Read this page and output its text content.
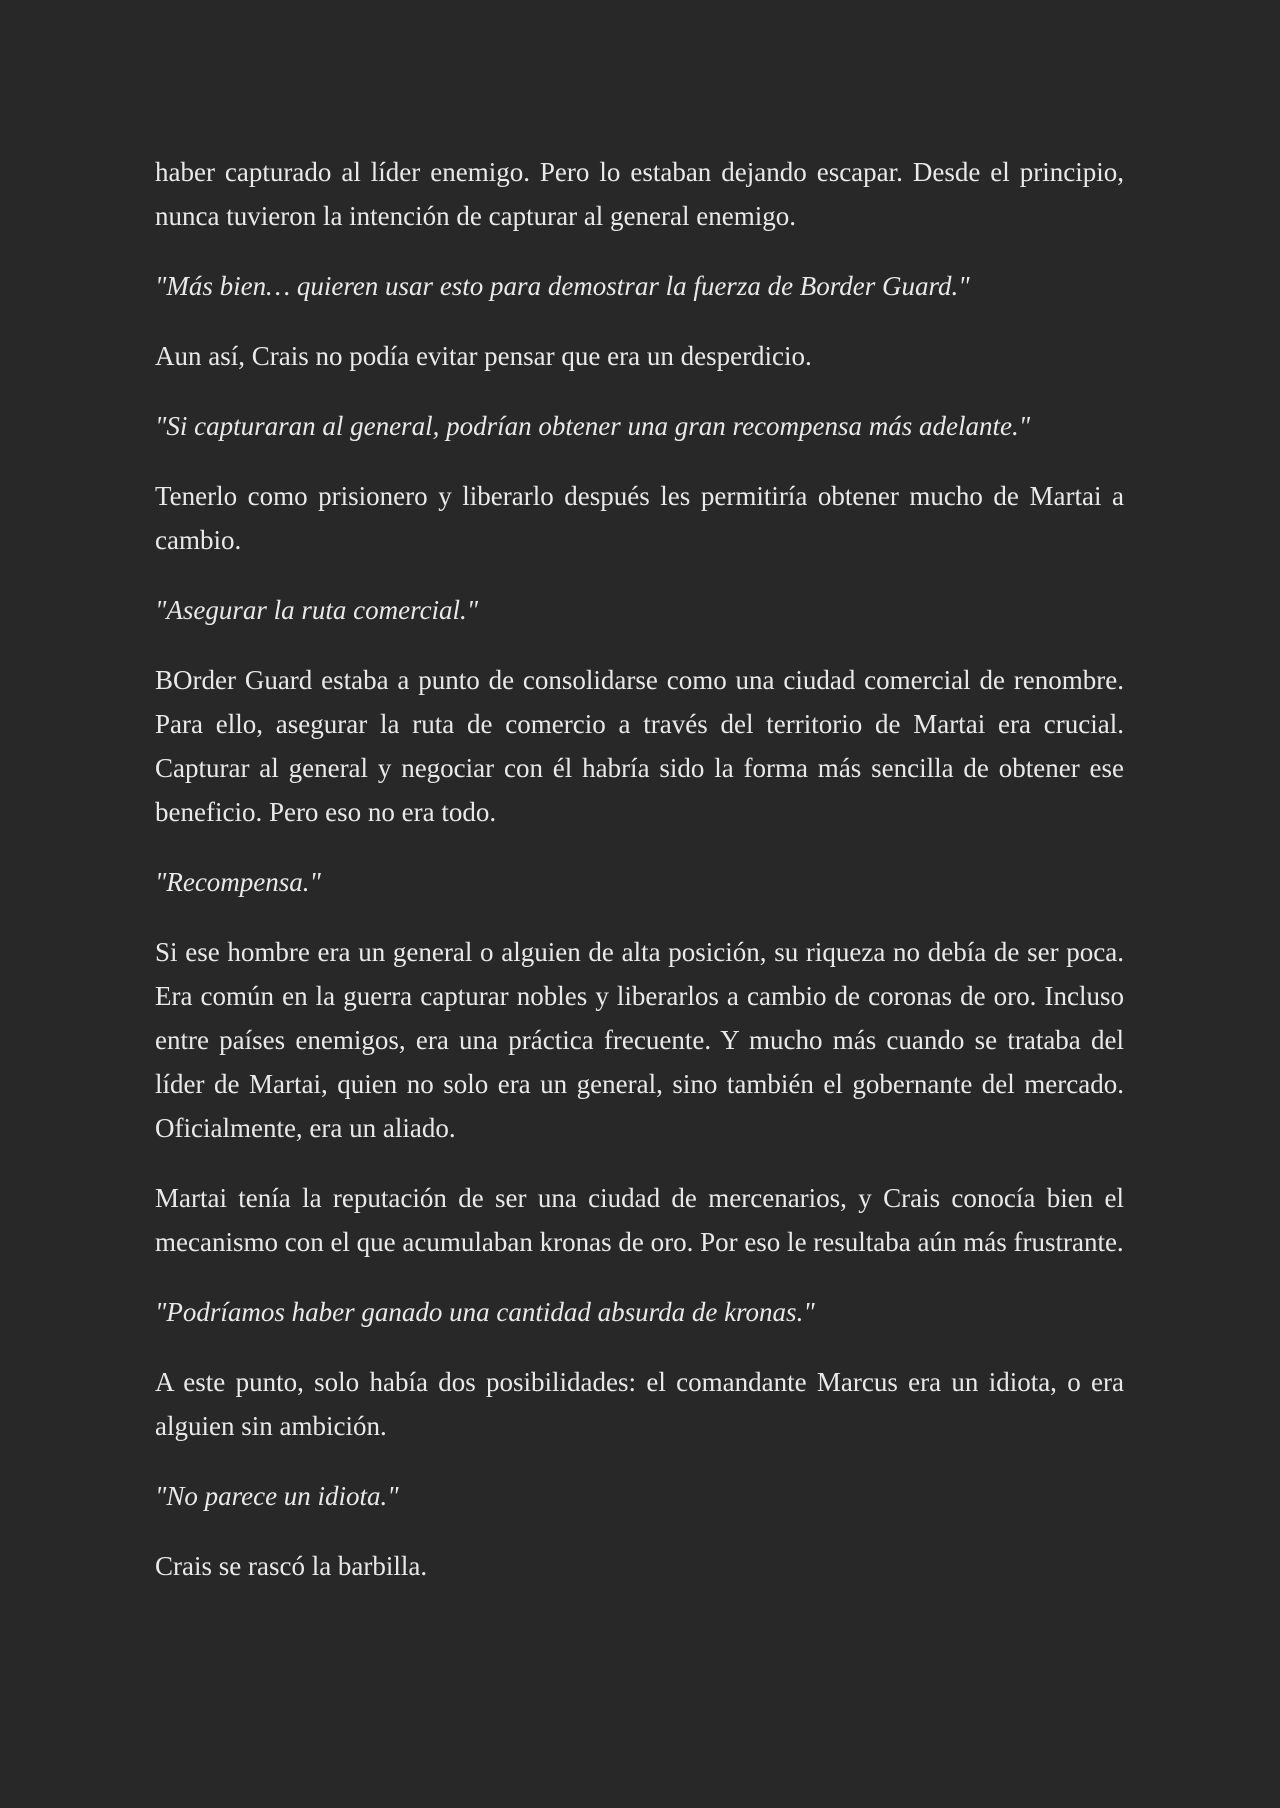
haber capturado al líder enemigo. Pero lo estaban dejando escapar. Desde el principio, nunca tuvieron la intención de capturar al general enemigo.

"Más bien… quieren usar esto para demostrar la fuerza de Border Guard."

Aun así, Crais no podía evitar pensar que era un desperdicio.

"Si capturaran al general, podrían obtener una gran recompensa más adelante."

Tenerlo como prisionero y liberarlo después les permitiría obtener mucho de Martai a cambio.

"Asegurar la ruta comercial."

BOrder Guard estaba a punto de consolidarse como una ciudad comercial de renombre. Para ello, asegurar la ruta de comercio a través del territorio de Martai era crucial. Capturar al general y negociar con él habría sido la forma más sencilla de obtener ese beneficio. Pero eso no era todo.

"Recompensa."

Si ese hombre era un general o alguien de alta posición, su riqueza no debía de ser poca. Era común en la guerra capturar nobles y liberarlos a cambio de coronas de oro. Incluso entre países enemigos, era una práctica frecuente. Y mucho más cuando se trataba del líder de Martai, quien no solo era un general, sino también el gobernante del mercado. Oficialmente, era un aliado.

Martai tenía la reputación de ser una ciudad de mercenarios, y Crais conocía bien el mecanismo con el que acumulaban kronas de oro. Por eso le resultaba aún más frustrante.

"Podríamos haber ganado una cantidad absurda de kronas."

A este punto, solo había dos posibilidades: el comandante Marcus era un idiota, o era alguien sin ambición.

"No parece un idiota."

Crais se rascó la barbilla.
